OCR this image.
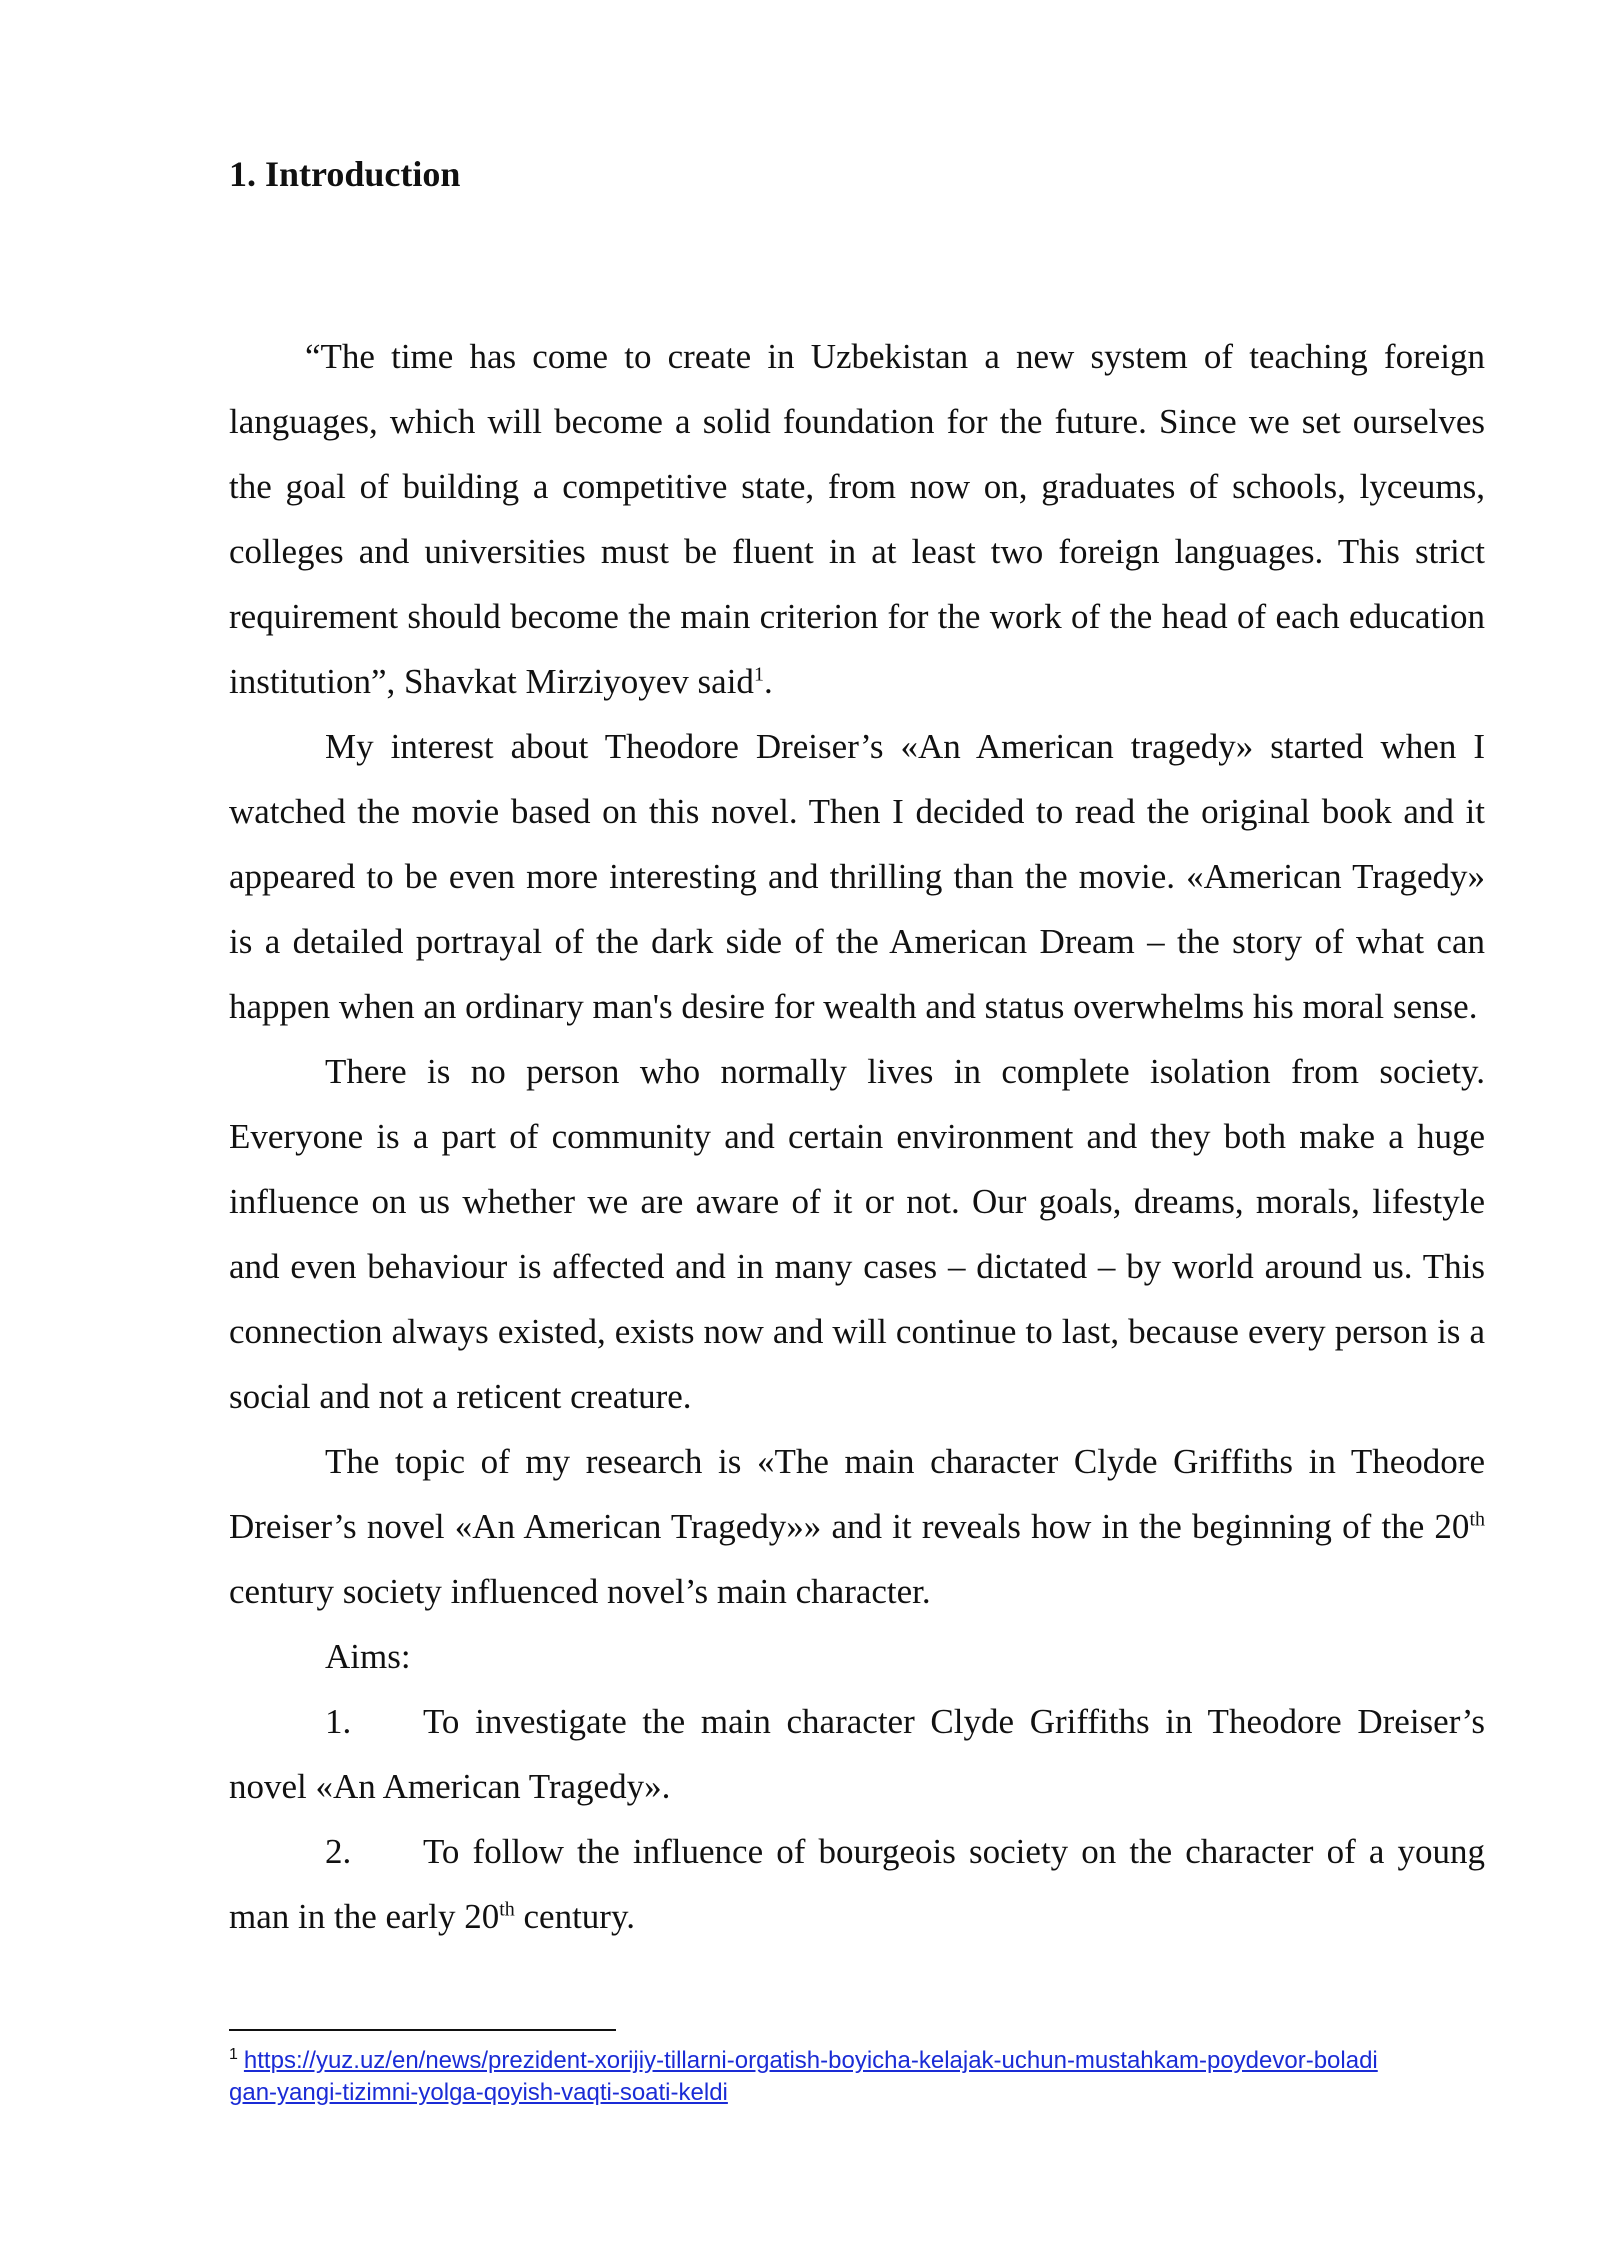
1. Introduction

“The time has come to create in Uzbekistan a new system of teaching foreign languages, which will become a solid foundation for the future. Since we set ourselves the goal of building a competitive state, from now on, graduates of schools, lyceums, colleges and universities must be fluent in at least two foreign languages. This strict requirement should become the main criterion for the work of the head of each education institution”, Shavkat Mirziyoyev said$^1$.

My interest about Theodore Dreiser’s «An American tragedy» started when I watched the movie based on this novel. Then I decided to read the original book and it appeared to be even more interesting and thrilling than the movie. «American Tragedy» is a detailed portrayal of the dark side of the American Dream – the story of what can happen when an ordinary man's desire for wealth and status overwhelms his moral sense.

There is no person who normally lives in complete isolation from society. Everyone is a part of community and certain environment and they both make a huge influence on us whether we are aware of it or not. Our goals, dreams, morals, lifestyle and even behaviour is affected and in many cases – dictated – by world around us. This connection always existed, exists now and will continue to last, because every person is a social and not a reticent creature.

The topic of my research is «The main character Clyde Griffiths in Theodore Dreiser’s novel «An American Tragedy»» and it reveals how in the beginning of the 20th century society influenced novel’s main character.

Aims:

1. To investigate the main character Clyde Griffiths in Theodore Dreiser’s novel «An American Tragedy».

2. To follow the influence of bourgeois society on the character of a young man in the early 20th century.

$^1$ https://yuz.uz/en/news/prezident-xorijiy-tillarni-orgatish-boyicha-kelajak-uchun-mustahkam-poydevor-boladigan-yangi-tizimni-yolga-qoyish-vaqti-soati-keldi
